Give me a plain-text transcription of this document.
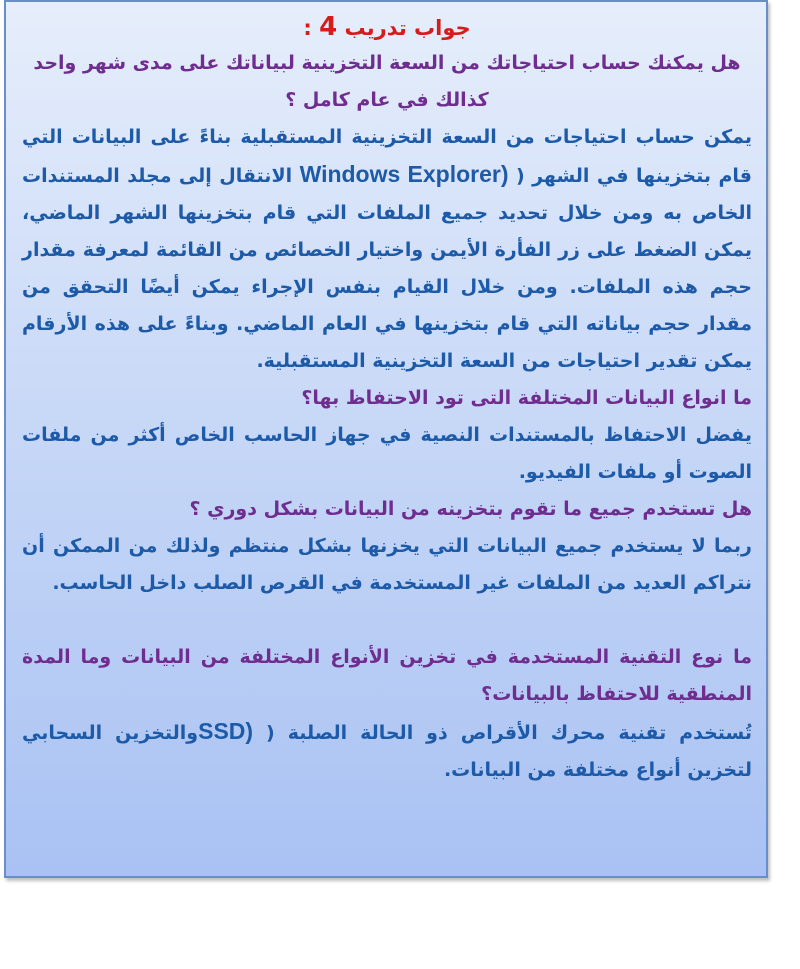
جواب تدريب 4 :

هل يمكنك حساب احتياجاتك من السعة التخزينية لبياناتك على مدى شهر واحد
كذالك في عام كامل ؟

يمكن حساب احتياجات من السعة التخزينية المستقبلية بناءً على البيانات التي قام بتخزينها في الشهر ( Windows Explorer) الانتقال إلى مجلد المستندات الخاص به ومن خلال تحديد جميع الملفات التي قام بتخزينها الشهر الماضي، يمكن الضغط على زر الفأرة الأيمن واختيار الخصائص من القائمة لمعرفة مقدار حجم هذه الملفات. ومن خلال القيام بنفس الإجراء يمكن أيضًا التحقق من مقدار حجم بياناته التي قام بتخزينها في العام الماضي. وبناءً على هذه الأرقام يمكن تقدير احتياجات من السعة التخزينية المستقبلية.

ما انواع البيانات المختلفة التى تود الاحتفاظ بها؟

يفضل الاحتفاظ بالمستندات النصية في جهاز الحاسب الخاص أكثر من ملفات الصوت أو ملفات الفيديو.

هل تستخدم جميع ما تقوم بتخزينه من البيانات بشكل دوري ؟

ربما لا يستخدم جميع البيانات التي يخزنها بشكل منتظم ولذلك من الممكن أن نتراكم العديد من الملفات غير المستخدمة في القرص الصلب داخل الحاسب.

ما نوع التقنية المستخدمة في تخزين الأنواع المختلفة من البيانات وما المدة المنطقية للاحتفاظ بالبيانات؟

تُستخدم تقنية محرك الأقراص ذو الحالة الصلبة ( SSD)والتخزين السحابي لتخزين أنواع مختلفة من البيانات.
